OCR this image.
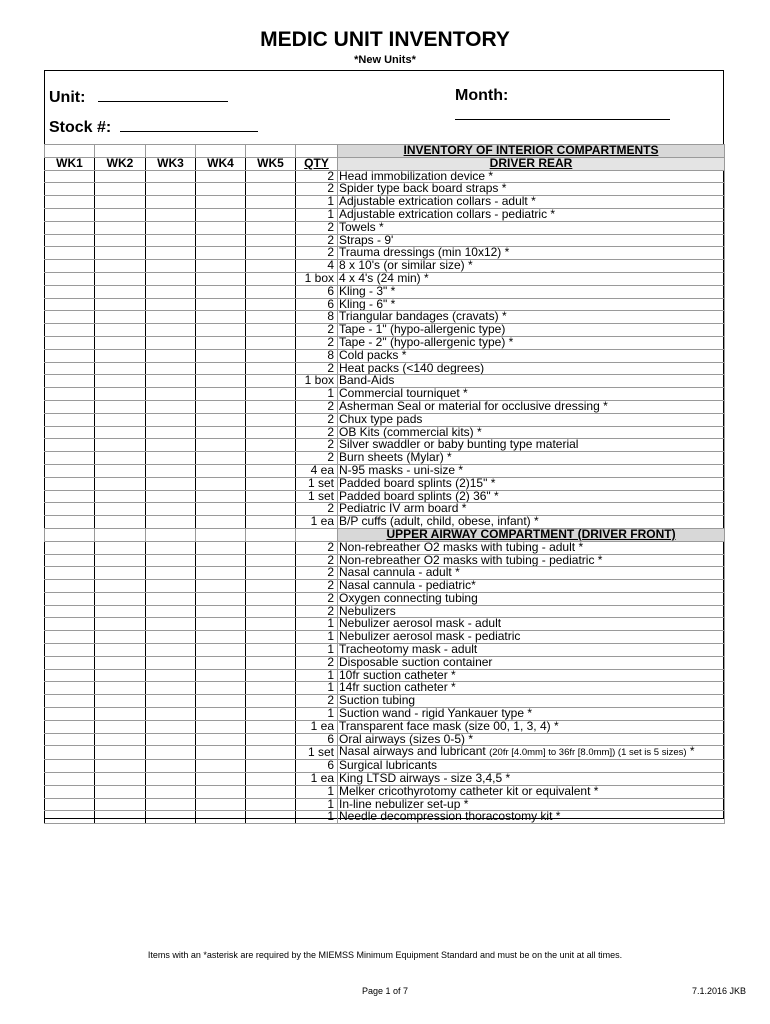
MEDIC UNIT INVENTORY
*New Units*
Unit:	Month:
Stock #:
						INVENTORY OF INTERIOR COMPARTMENTS
WK1	WK2	WK3	WK4	WK5	QTY	DRIVER REAR
					2	Head immobilization device *
					2	Spider type back board straps *
					1	Adjustable extrication collars - adult *
					1	Adjustable extrication collars - pediatric *
					2	Towels *
					2	Straps - 9'
					2	Trauma dressings (min 10x12) *
					4	8 x 10's (or similar size) *
					1 box	4 x 4's (24 min) *
					6	Kling - 3" *
					6	Kling - 6" *
					8	Triangular bandages (cravats) *
					2	Tape - 1" (hypo-allergenic type)
					2	Tape - 2" (hypo-allergenic type) *
					8	Cold packs *
					2	Heat packs (<140 degrees)
					1 box	Band-Aids
					1	Commercial tourniquet *
					2	Asherman Seal or material for occlusive dressing *
					2	Chux type pads
					2	OB Kits (commercial kits) *
					2	Silver swaddler or baby bunting type material
					2	Burn sheets (Mylar) *
					4 ea	N-95 masks - uni-size *
					1 set	Padded board splints (2)15" *
					1 set	Padded board splints (2) 36" *
					2	Pediatric IV arm board *
					1 ea	B/P cuffs (adult, child, obese, infant) *
						UPPER AIRWAY COMPARTMENT (DRIVER FRONT)
					2	Non-rebreather O2 masks with tubing - adult *
					2	Non-rebreather O2 masks with tubing - pediatric *
					2	Nasal cannula - adult *
					2	Nasal cannula - pediatric*
					2	Oxygen connecting tubing
					2	Nebulizers
					1	Nebulizer aerosol mask - adult
					1	Nebulizer aerosol mask - pediatric
					1	Tracheotomy mask - adult
					2	Disposable suction container
					1	10fr suction catheter *
					1	14fr suction catheter *
					2	Suction tubing
					1	Suction wand - rigid Yankauer type *
					1 ea	Transparent face mask (size 00, 1, 3, 4) *
					6	Oral airways (sizes 0-5) *
					1 set	Nasal airways and lubricant (20fr [4.0mm] to 36fr [8.0mm]) (1 set is 5 sizes) *
					6	Surgical lubricants
					1 ea	King LTSD airways - size 3,4,5 *
					1	Melker cricothyrotomy catheter kit or equivalent *
					1	In-line nebulizer set-up *
					1	Needle decompression thoracostomy kit *
Items with an *asterisk are required by the MIEMSS Minimum Equipment Standard and must be on the unit at all times.
Page 1 of 7	7.1.2016 JKB
